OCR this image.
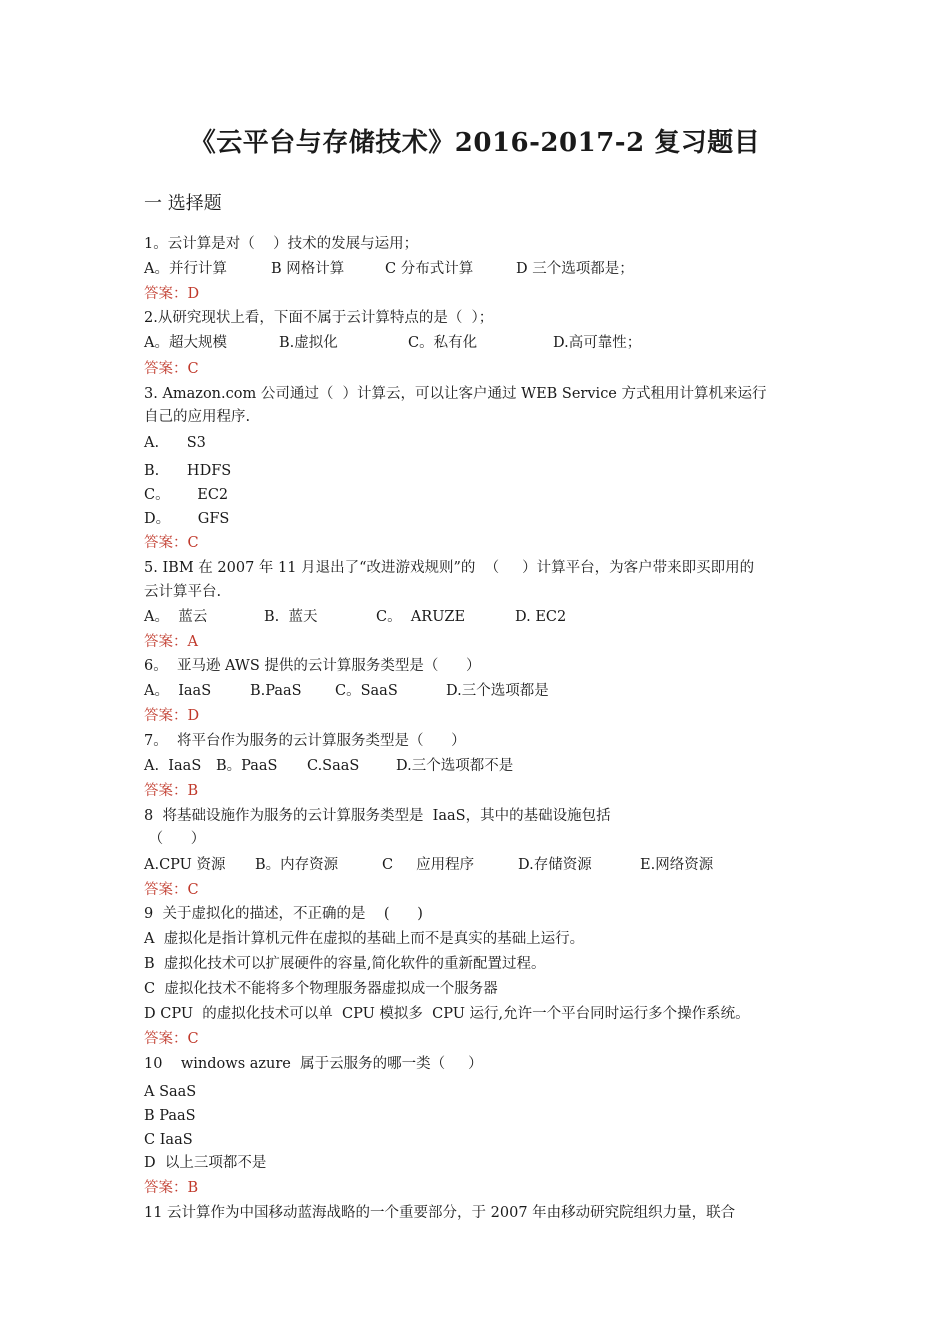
《云平台与存储技术》2016-2017-2 复习题目
一 选择题
1。云计算是对（    ）技术的发展与运用；
A。并行计算	B 网格计算	C 分布式计算	D 三个选项都是；
答案：D
2.从研究现状上看，下面不属于云计算特点的是（  ）；
A。超大规模	B.虚拟化	C。私有化	D.高可靠性；
答案：C
3. Amazon.com 公司通过（  ）计算云，可以让客户通过 WEB Service 方式租用计算机来运行
自己的应用程序.
A.      S3
B.      HDFS
C。      EC2
D。      GFS
答案：C
5. IBM 在 2007 年 11 月退出了“改进游戏规则”的  （     ）计算平台，为客户带来即买即用的
云计算平台.
A。  蓝云	B.  蓝天	C。  ARUZE	D. EC2
答案：A
6。  亚马逊 AWS 提供的云计算服务类型是（      ）
A。  IaaS	B.PaaS C。SaaS	D.三个选项都是
答案：D
7。  将平台作为服务的云计算服务类型是（      ）
A.  IaaS B。PaaS C.SaaS	D.三个选项都不是
答案：B
8  将基础设施作为服务的云计算服务类型是  IaaS，其中的基础设施包括
（      ）
A.CPU 资源 B。内存资源	C     应用程序	D.存储资源	E.网络资源
答案：C
9  关于虚拟化的描述，不正确的是    (      )
A  虚拟化是指计算机元件在虚拟的基础上而不是真实的基础上运行。
B  虚拟化技术可以扩展硬件的容量,简化软件的重新配置过程。
C  虚拟化技术不能将多个物理服务器虚拟成一个服务器
D CPU  的虚拟化技术可以单  CPU 模拟多  CPU 运行,允许一个平台同时运行多个操作系统。
答案：C
10    windows azure  属于云服务的哪一类（     ）
A SaaS
B PaaS
C IaaS
D  以上三项都不是
答案：B
11 云计算作为中国移动蓝海战略的一个重要部分，于 2007 年由移动研究院组织力量，联合
